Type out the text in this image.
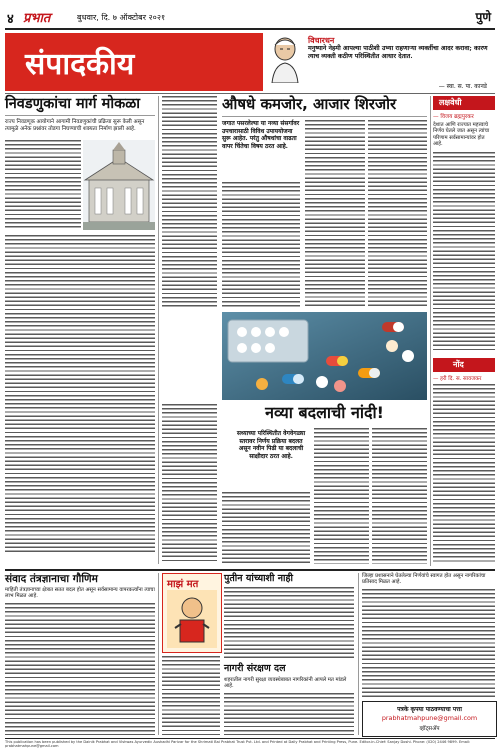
४ प्रभात	बुधवार, दि. ७ ऑक्टोबर २०२१	पुणे
संपादकीय
विचारधन
मनुष्याने नेहमी आपल्या पाठीशी उभ्या राहणाऱ्या व्यक्तींचा आदर करावा; कारण त्याच व्यक्ती कठीण परिस्थितीत आधार देतात.
— स्वा. स. पा. कानडे
निवडणुकांचा मार्ग मोकळा
राज्य निवडणूक आयोगाने आगामी निवडणुकांची प्रक्रिया सुरू केली असून त्यामुळे अनेक प्रश्नांवर तोडगा निघण्याची शक्यता निर्माण झाली आहे.
औषधे कमजोर, आजार शिरजोर
जगात पसरलेल्या या नव्या संसर्गावर उपचारासाठी विविध उपाययोजना सुरू आहेत. परंतु औषधांचा वाढता वापर चिंतेचा विषय ठरत आहे.
लक्षवेधी
— विजय ब्रह्मपुरकर
देशात आणि राज्यात महत्त्वाचे निर्णय घेतले जात असून त्यांचा परिणाम सर्वसामान्यांवर होत आहे.
नोंद
— हरी दि. स. सावजकर
नव्या बदलाची नांदी!
सध्याच्या परिस्थितीत वेगवेगळ्या स्तरावर निर्णय प्रक्रिया बदलत असून नवीन पिढी या बदलाची साक्षीदार ठरत आहे.
संवाद तंत्रज्ञानाचा गौणिम
माहिती तंत्रज्ञानाच्या क्षेत्रात सतत बदल होत असून सर्वसामान्य वापरकर्त्यांना त्याचा लाभ मिळत आहे.
माझं मत
पुतीन यांच्याशी नाही
नागरी संरक्षण दल
शहरातील नागरी सुरक्षा व्यवस्थेबाबत नागरिकांनी आपले मत मांडले आहे.
जिल्हा प्रशासनाने घेतलेल्या निर्णयांचे स्वागत होत असून नागरिकांचा प्रतिसाद मिळत आहे.
पत्रके कृपया पाठवण्याचा पत्ता
prabhatmahpune@gmail.com
व्हॉट्सॲप
This publication has been published by the Dainik Prabhat and Vishwas Ayurvedic Aushadhi Parivar for the Shrimati Bai Prabhat Trust Pvt. Ltd. and Printed at Daily Prabhat and Printing Press, Pune. Editor-in-Chief: Sanjay Doshi. Phone: (020) 2446 9899. Email: prabhatmahpune@gmail.com
